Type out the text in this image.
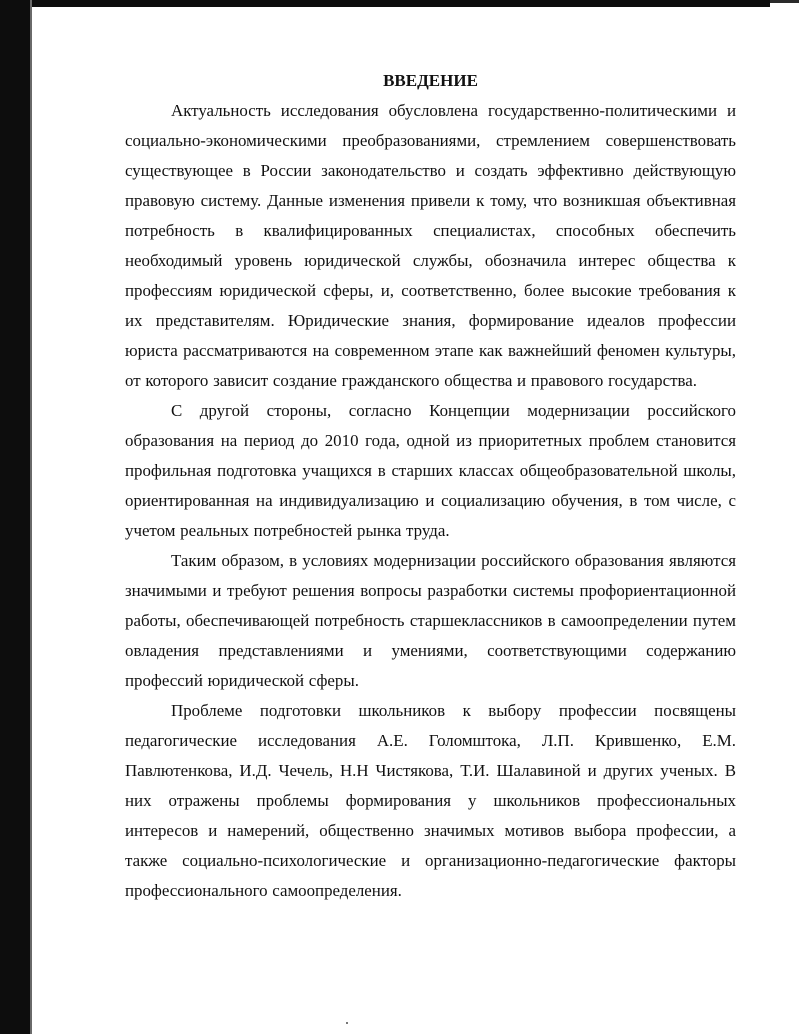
ВВЕДЕНИЕ

Актуальность исследования обусловлена государственно-политическими и социально-экономическими преобразованиями, стремлением совершенствовать существующее в России законодательство и создать эффективно действующую правовую систему. Данные изменения привели к тому, что возникшая объективная потребность в квалифицированных специалистах, способных обеспечить необходимый уровень юридической службы, обозначила интерес общества к профессиям юридической сферы, и, соответственно, более высокие требования к их представителям. Юридические знания, формирование идеалов профессии юриста рассматриваются на современном этапе как важнейший феномен культуры, от которого зависит создание гражданского общества и правового государства.

С другой стороны, согласно Концепции модернизации российского образования на период до 2010 года, одной из приоритетных проблем становится профильная подготовка учащихся в старших классах общеобразовательной школы, ориентированная на индивидуализацию и социализацию обучения, в том числе, с учетом реальных потребностей рынка труда.

Таким образом, в условиях модернизации российского образования являются значимыми и требуют решения вопросы разработки системы профориентационной работы, обеспечивающей потребность старшеклассников в самоопределении путем овладения представлениями и умениями, соответствующими содержанию профессий юридической сферы.

Проблеме подготовки школьников к выбору профессии посвящены педагогические исследования А.Е. Голомштока, Л.П. Крившенко, Е.М. Павлютенкова, И.Д. Чечель, Н.Н Чистякова, Т.И. Шалавиной и других ученых. В них отражены проблемы формирования у школьников профессиональных интересов и намерений, общественно значимых мотивов выбора профессии, а также социально-психологические и организационно-педагогические факторы профессионального самоопределения.
